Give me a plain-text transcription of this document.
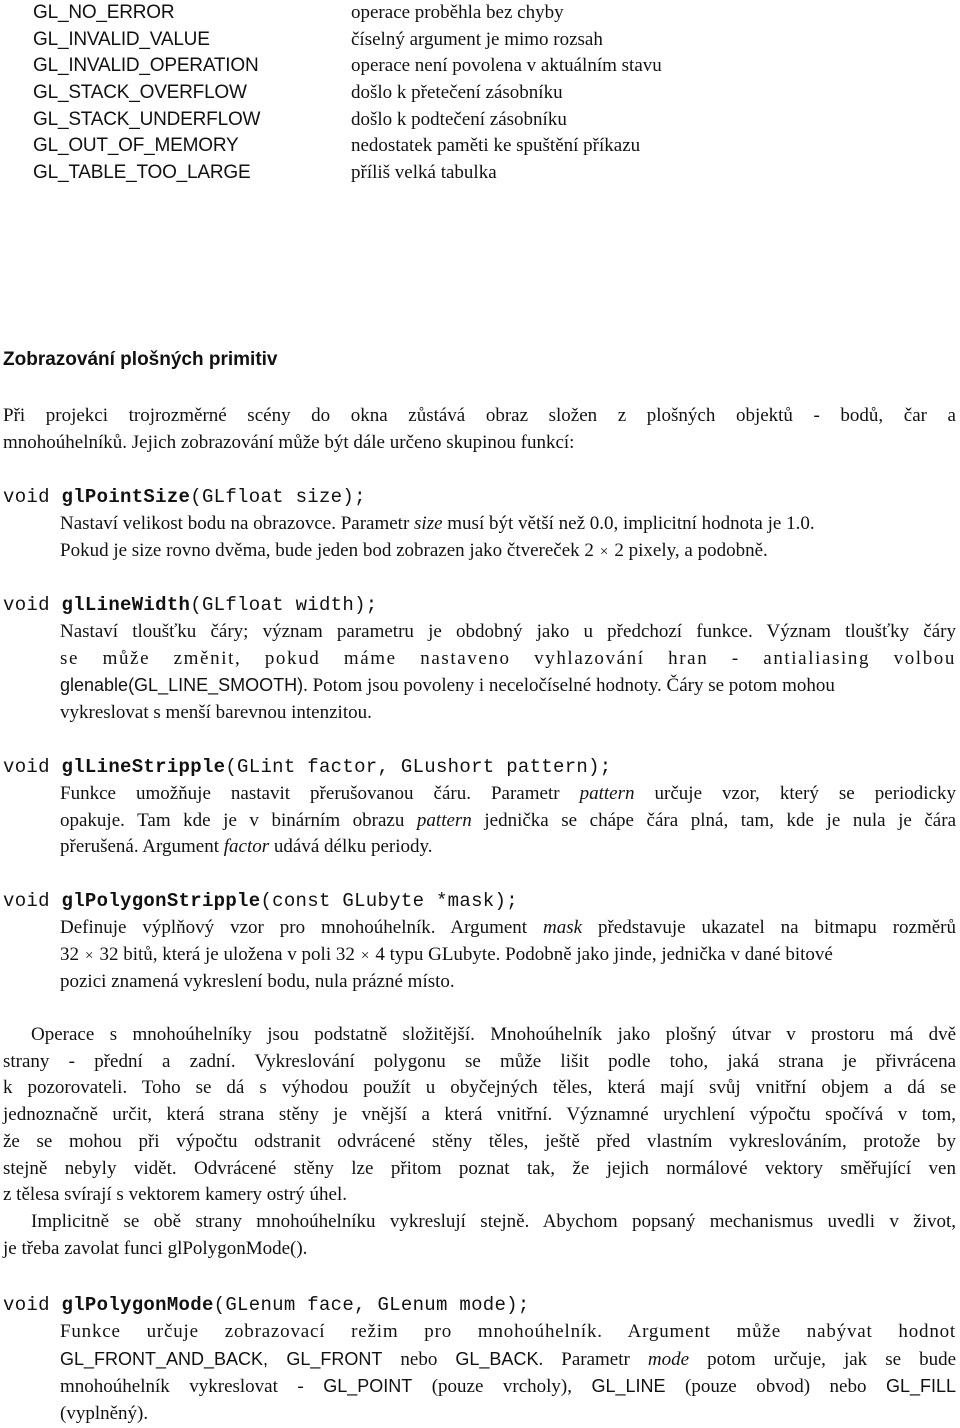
GL_NO_ERROR	operace proběhla bez chyby
GL_INVALID_VALUE	číselný argument je mimo rozsah
GL_INVALID_OPERATION	operace není povolena v aktuálním stavu
GL_STACK_OVERFLOW	došlo k přetečení zásobníku
GL_STACK_UNDERFLOW	došlo k podtečení zásobníku
GL_OUT_OF_MEMORY	nedostatek paměti ke spuštění příkazu
GL_TABLE_TOO_LARGE	příliš velká tabulka
Zobrazování plošných primitiv
Při projekci trojrozměrné scény do okna zůstává obraz složen z plošných objektů - bodů, čar a
mnohoúhelníků. Jejich zobrazování může být dále určeno skupinou funkcí:
void glPointSize(GLfloat size);
Nastaví velikost bodu na obrazovce. Parametr size musí být větší než 0.0, implicitní hodnota je 1.0.
Pokud je size rovno dvěma, bude jeden bod zobrazen jako čtvereček 2 × 2 pixely, a podobně.
void glLineWidth(GLfloat width);
Nastaví tloušťku čáry; význam parametru je obdobný jako u předchozí funkce. Význam tloušťky čáry
se může změnit, pokud máme nastaveno vyhlazování hran - antialiasing volbou
glenable(GL_LINE_SMOOTH). Potom jsou povoleny i neceločíselné hodnoty. Čáry se potom mohou
vykreslovat s menší barevnou intenzitou.
void glLineStripple(GLint factor, GLushort pattern);
Funkce umožňuje nastavit přerušovanou čáru. Parametr pattern určuje vzor, který se periodicky
opakuje. Tam kde je v binárním obrazu pattern jednička se chápe čára plná, tam, kde je nula je čára
přerušená. Argument factor udává délku periody.
void glPolygonStripple(const GLubyte *mask);
Definuje výplňový vzor pro mnohoúhelník. Argument mask představuje ukazatel na bitmapu rozměrů
32 × 32 bitů, která je uložena v poli 32 × 4 typu GLubyte. Podobně jako jinde, jednička v dané bitové
pozici znamená vykreslení bodu, nula prázné místo.
Operace s mnohoúhelníky jsou podstatně složitější. Mnohoúhelník jako plošný útvar v prostoru má dvě
strany - přední a zadní. Vykreslování polygonu se může lišit podle toho, jaká strana je přivrácena
k pozorovateli. Toho se dá s výhodou použít u obyčejných těles, která mají svůj vnitřní objem a dá se
jednoznačně určit, která strana stěny je vnější a která vnitřní. Významné urychlení výpočtu spočívá v tom,
že se mohou při výpočtu odstranit odvrácené stěny těles, ještě před vlastním vykreslováním, protože by
stejně nebyly vidět. Odvrácené stěny lze přitom poznat tak, že jejich normálové vektory směřující ven
z tělesa svírají s vektorem kamery ostrý úhel.
Implicitně se obě strany mnohoúhelníku vykreslují stejně. Abychom popsaný mechanismus uvedli v život,
je třeba zavolat funci glPolygonMode().
void glPolygonMode(GLenum face, GLenum mode);
Funkce určuje zobrazovací režim pro mnohoúhelník. Argument může nabývat hodnot
GL_FRONT_AND_BACK, GL_FRONT nebo GL_BACK. Parametr mode potom určuje, jak se bude
mnohoúhelník vykreslovat - GL_POINT (pouze vrcholy), GL_LINE (pouze obvod) nebo GL_FILL
(vyplněný).
